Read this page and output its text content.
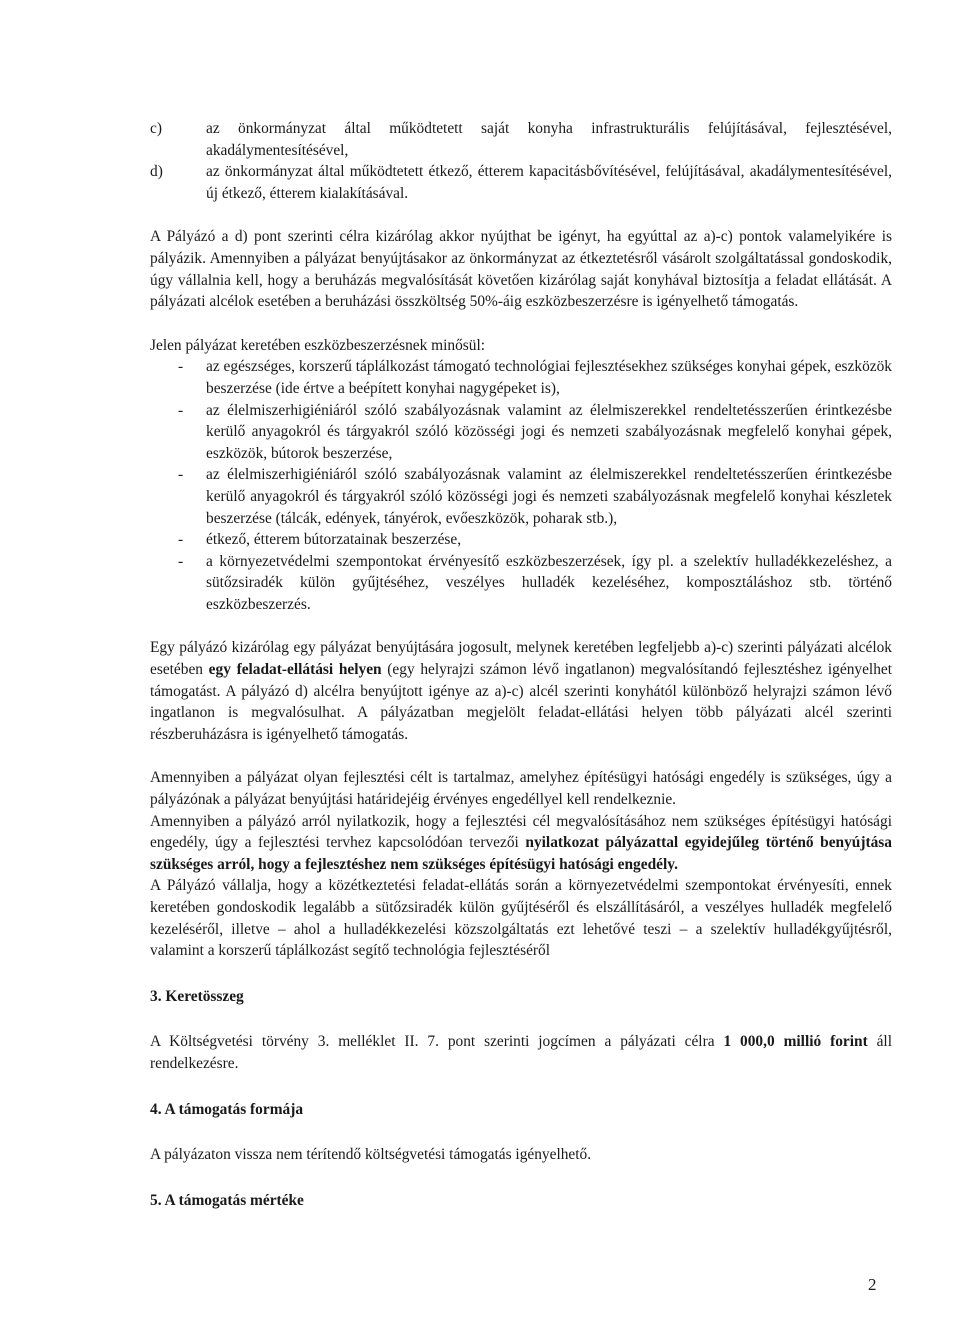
c)	az önkormányzat által működtetett saját konyha infrastrukturális felújításával, fejlesztésével, akadálymentesítésével,
d)	az önkormányzat által működtetett étkező, étterem kapacitásbővítésével, felújításával, akadálymentesítésével, új étkező, étterem kialakításával.

A Pályázó a d) pont szerinti célra kizárólag akkor nyújthat be igényt, ha egyúttal az a)-c) pontok valamelyikére is pályázik. Amennyiben a pályázat benyújtásakor az önkormányzat az étkeztetésről vásárolt szolgáltatással gondoskodik, úgy vállalnia kell, hogy a beruházás megvalósítását követően kizárólag saját konyhával biztosítja a feladat ellátását. A pályázati alcélok esetében a beruházási összköltség 50%-áig eszközbeszerzésre is igényelhető támogatás.

Jelen pályázat keretében eszközbeszerzésnek minősül:

-	az egészséges, korszerű táplálkozást támogató technológiai fejlesztésekhez szükséges konyhai gépek, eszközök beszerzése (ide értve a beépített konyhai nagygépeket is),
-	az élelmiszerhigiéniáról szóló szabályozásnak valamint az élelmiszerekkel rendeltetésszerűen érintkezésbe kerülő anyagokról és tárgyakról szóló közösségi jogi és nemzeti szabályozásnak megfelelő konyhai gépek, eszközök, bútorok beszerzése,
-	az élelmiszerhigiéniáról szóló szabályozásnak valamint az élelmiszerekkel rendeltetésszerűen érintkezésbe kerülő anyagokról és tárgyakról szóló közösségi jogi és nemzeti szabályozásnak megfelelő konyhai készletek beszerzése (tálcák, edények, tányérok, evőeszközök, poharak stb.),
-	étkező, étterem bútorzatainak beszerzése,
-	a környezetvédelmi szempontokat érvényesítő eszközbeszerzések, így pl. a szelektív hulladékkezeléshez, a sütőzsiradék külön gyűjtéséhez, veszélyes hulladék kezeléséhez, komposztáláshoz stb. történő eszközbeszerzés.

Egy pályázó kizárólag egy pályázat benyújtására jogosult, melynek keretében legfeljebb a)-c) szerinti pályázati alcélok esetében egy feladat-ellátási helyen (egy helyrajzi számon lévő ingatlanon) megvalósítandó fejlesztéshez igényelhet támogatást. A pályázó d) alcélra benyújtott igénye az a)-c) alcél szerinti konyhától különböző helyrajzi számon lévő ingatlanon is megvalósulhat. A pályázatban megjelölt feladat-ellátási helyen több pályázati alcél szerinti részberuházásra is igényelhető támogatás.

Amennyiben a pályázat olyan fejlesztési célt is tartalmaz, amelyhez építésügyi hatósági engedély is szükséges, úgy a pályázónak a pályázat benyújtási határidejéig érvényes engedéllyel kell rendelkeznie.

Amennyiben a pályázó arról nyilatkozik, hogy a fejlesztési cél megvalósításához nem szükséges építésügyi hatósági engedély, úgy a fejlesztési tervhez kapcsolódóan tervezői nyilatkozat pályázattal egyidejűleg történő benyújtása szükséges arról, hogy a fejlesztéshez nem szükséges építésügyi hatósági engedély.

A Pályázó vállalja, hogy a közétkeztetési feladat-ellátás során a környezetvédelmi szempontokat érvényesíti, ennek keretében gondoskodik legalább a sütőzsiradék külön gyűjtéséről és elszállításáról, a veszélyes hulladék megfelelő kezeléséről, illetve – ahol a hulladékkezelési közszolgáltatás ezt lehetővé teszi – a szelektív hulladékgyűjtésről, valamint a korszerű táplálkozást segítő technológia fejlesztéséről

3. Keretösszeg

A Költségvetési törvény 3. melléklet II. 7. pont szerinti jogcímen a pályázati célra 1 000,0 millió forint áll rendelkezésre.

4. A támogatás formája

A pályázaton vissza nem térítendő költségvetési támogatás igényelhető.

5. A támogatás mértéke

2
